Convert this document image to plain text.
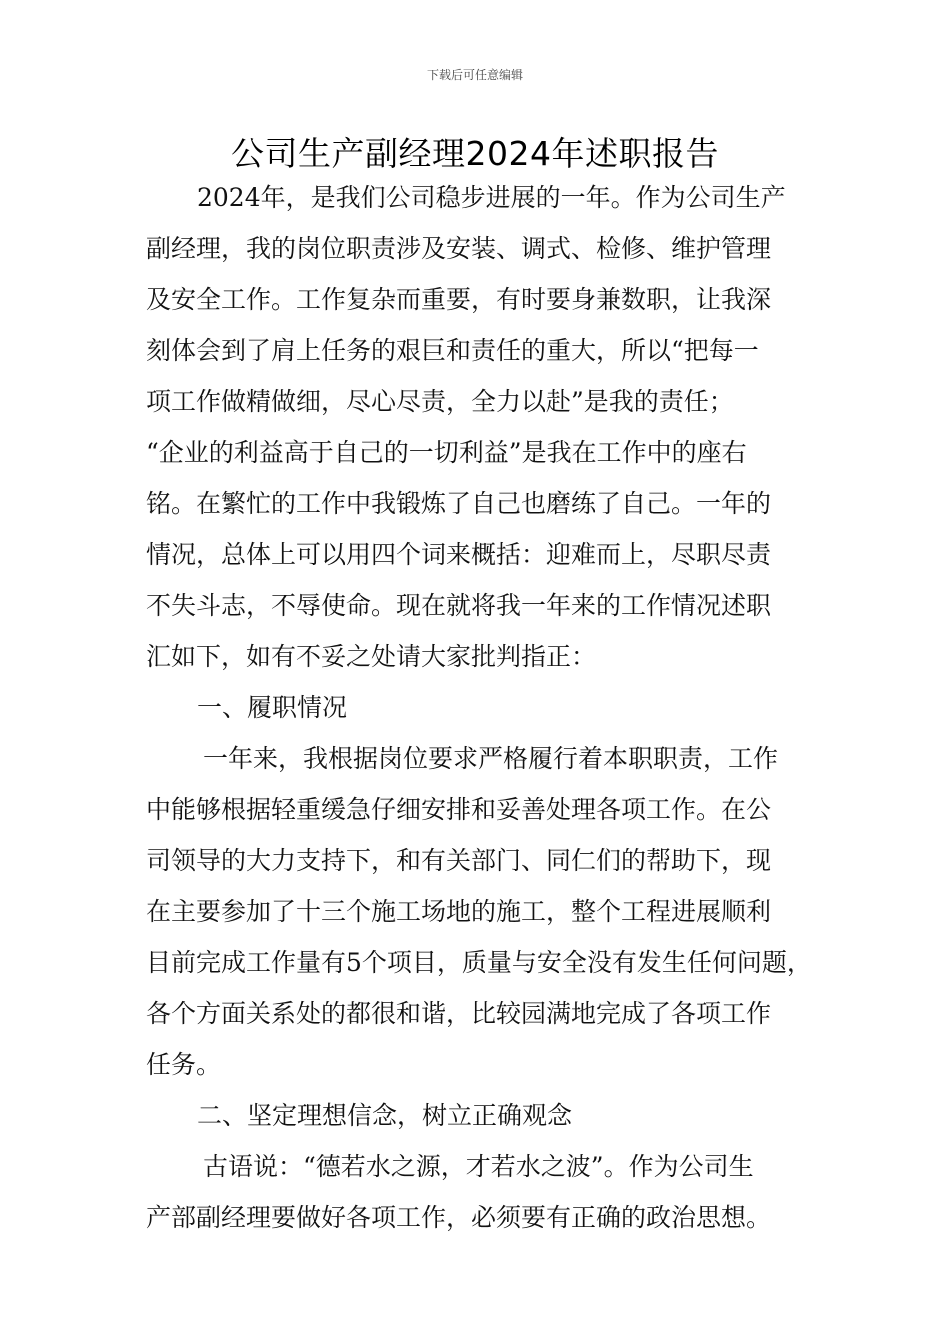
下载后可任意编辑
公司生产副经理2024年述职报告
2024年，是我们公司稳步进展的一年。作为公司生产
副经理，我的岗位职责涉及安装、调式、检修、维护管理
及安全工作。工作复杂而重要，有时要身兼数职，让我深
刻体会到了肩上任务的艰巨和责任的重大，所以“把每一
项工作做精做细，尽心尽责，全力以赴”是我的责任；
“企业的利益高于自己的一切利益”是我在工作中的座右
铭。在繁忙的工作中我锻炼了自己也磨练了自己。一年的
情况，总体上可以用四个词来概括：迎难而上，尽职尽责
不失斗志，不辱使命。现在就将我一年来的工作情况述职
汇如下，如有不妥之处请大家批判指正：
一、履职情况
一年来，我根据岗位要求严格履行着本职职责，工作
中能够根据轻重缓急仔细安排和妥善处理各项工作。在公
司领导的大力支持下，和有关部门、同仁们的帮助下，现
在主要参加了十三个施工场地的施工，整个工程进展顺利
目前完成工作量有5个项目，质量与安全没有发生任何问题，
各个方面关系处的都很和谐，比较园满地完成了各项工作
任务。
二、坚定理想信念，树立正确观念
古语说：“德若水之源，才若水之波”。作为公司生
产部副经理要做好各项工作，必须要有正确的政治思想。
